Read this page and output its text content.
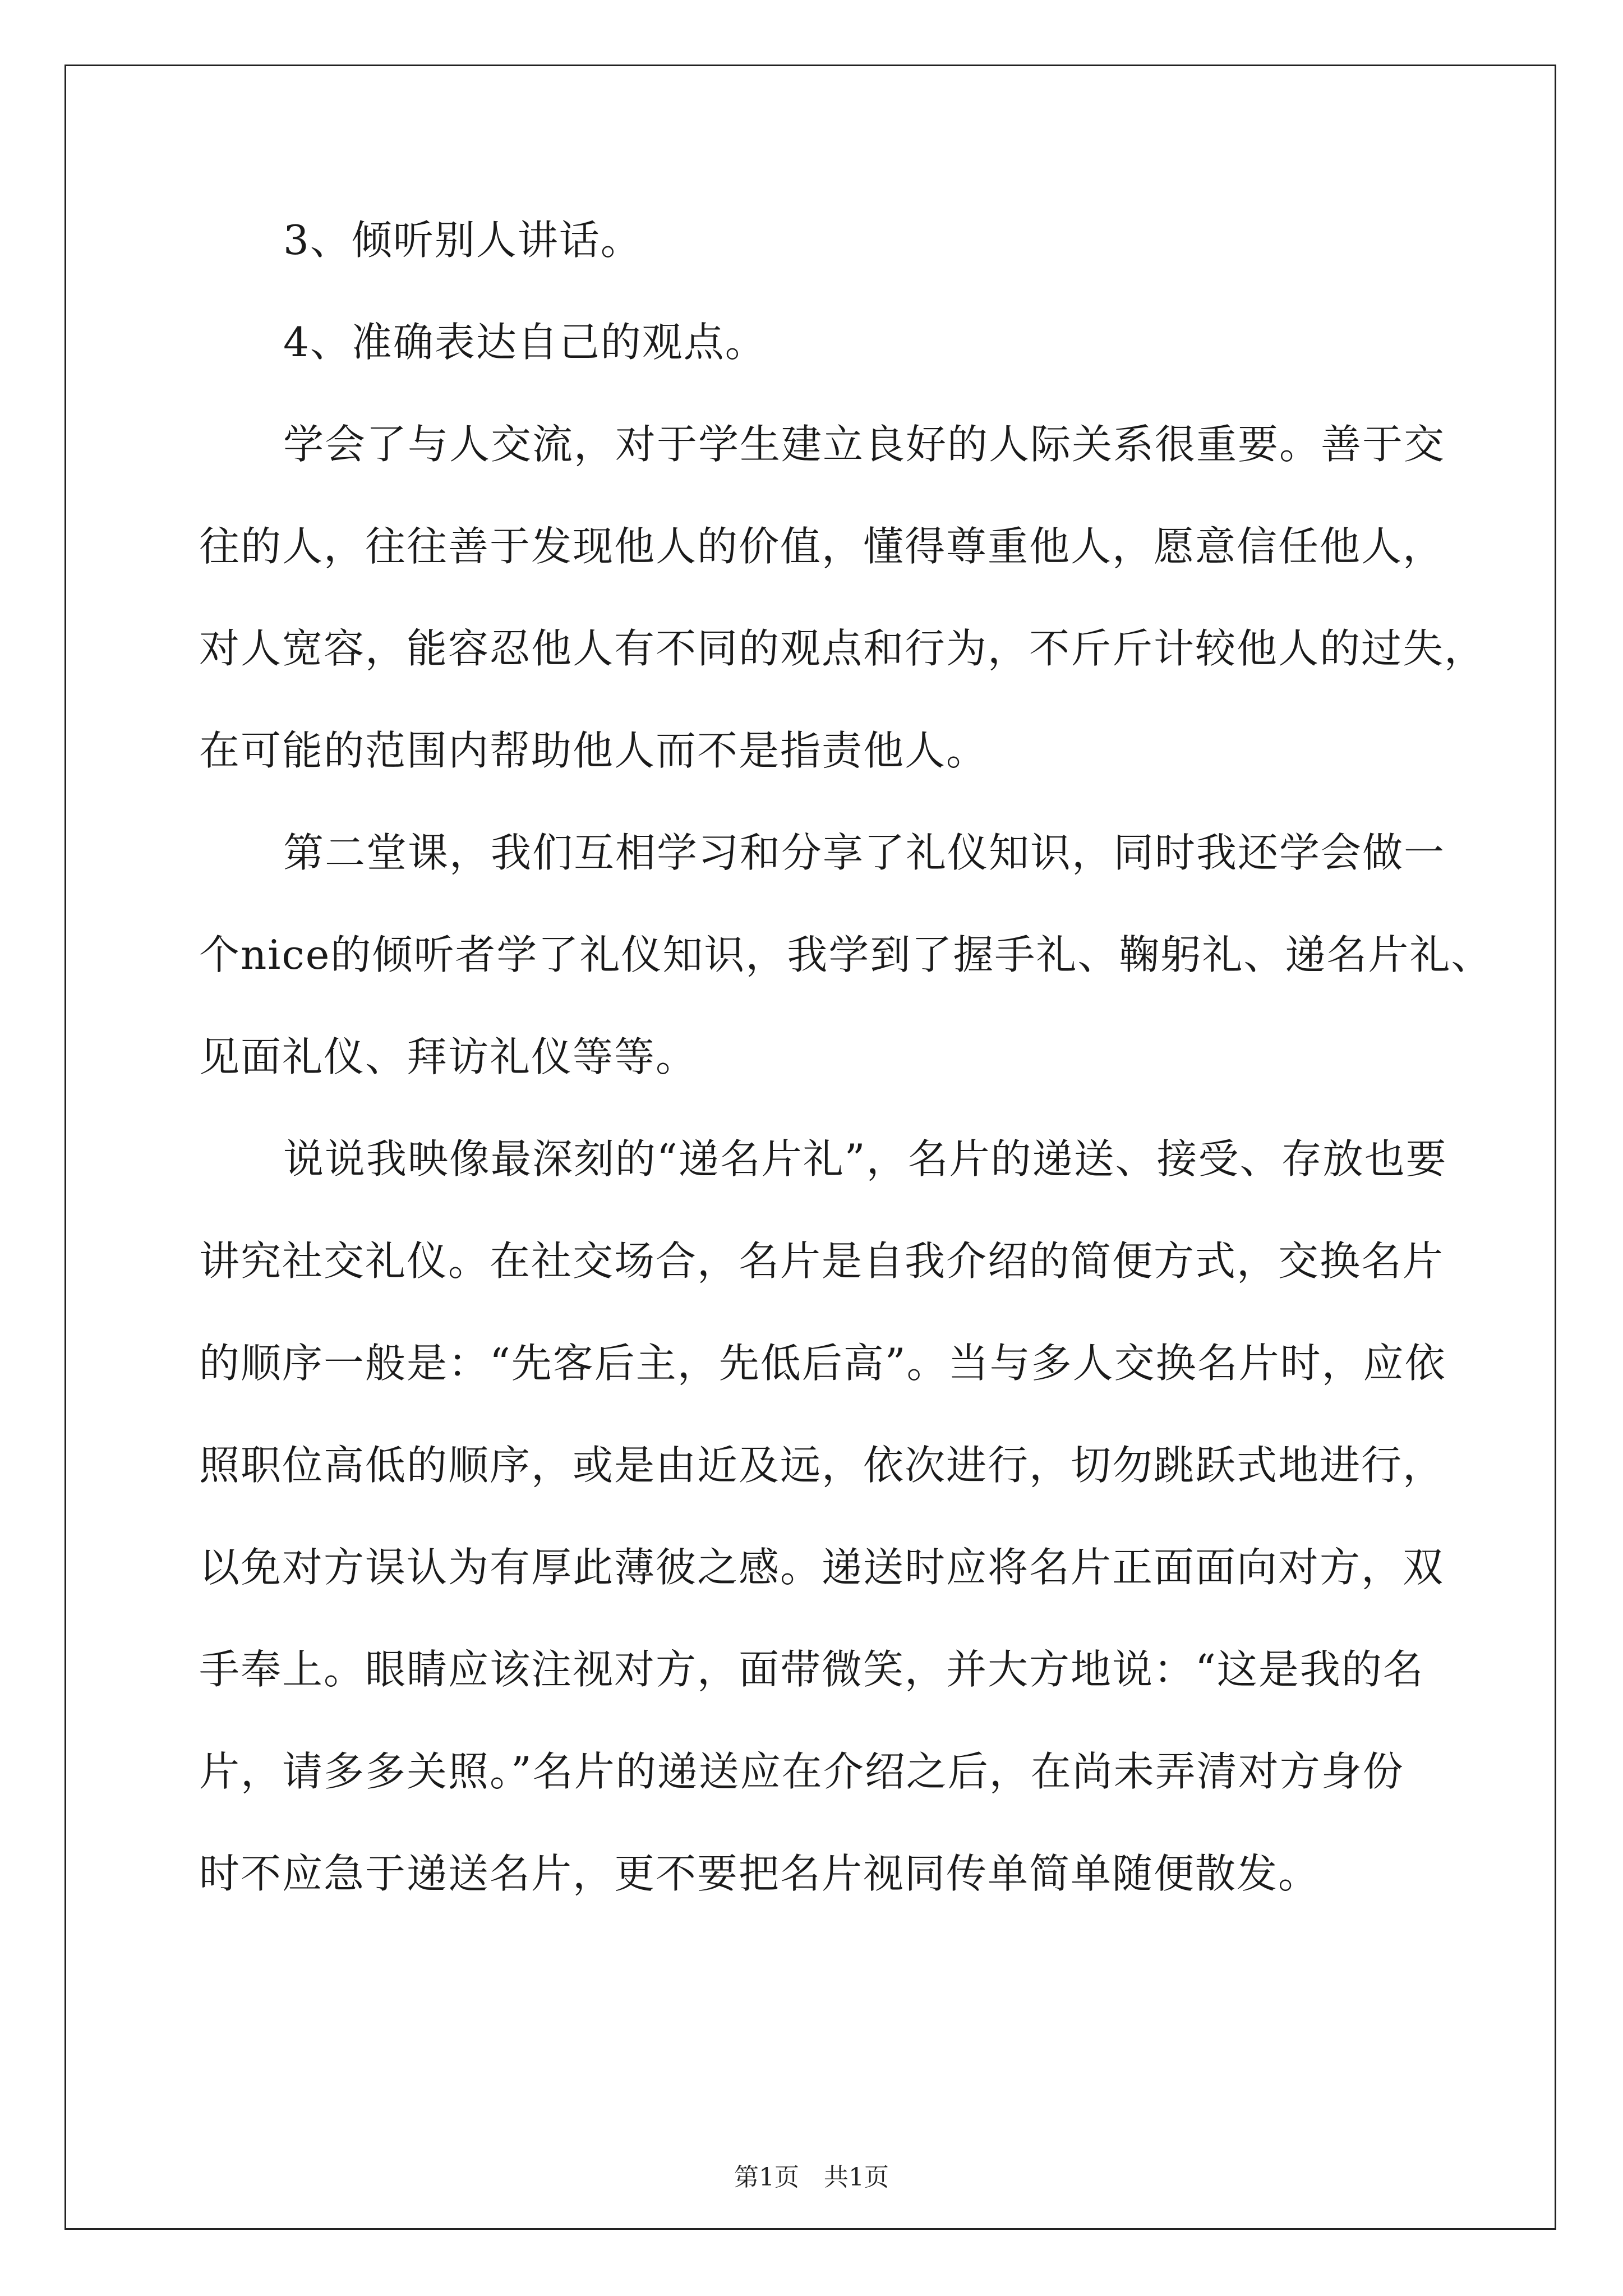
3、倾听别人讲话。
4、准确表达自己的观点。
学会了与人交流，对于学生建立良好的人际关系很重要。善于交
往的人，往往善于发现他人的价值，懂得尊重他人，愿意信任他人，
对人宽容，能容忍他人有不同的观点和行为，不斤斤计较他人的过失，
在可能的范围内帮助他人而不是指责他人。
第二堂课，我们互相学习和分享了礼仪知识，同时我还学会做一
个nice的倾听者学了礼仪知识，我学到了握手礼、鞠躬礼、递名片礼、
见面礼仪、拜访礼仪等等。
说说我映像最深刻的“递名片礼”，名片的递送、接受、存放也要
讲究社交礼仪。在社交场合，名片是自我介绍的简便方式，交换名片
的顺序一般是：“先客后主，先低后高”。当与多人交换名片时，应依
照职位高低的顺序，或是由近及远，依次进行，切勿跳跃式地进行，
以免对方误认为有厚此薄彼之感。递送时应将名片正面面向对方，双
手奉上。眼睛应该注视对方，面带微笑，并大方地说：“这是我的名
片，请多多关照。”名片的递送应在介绍之后，在尚未弄清对方身份
时不应急于递送名片，更不要把名片视同传单简单随便散发。
第1页　共1页
